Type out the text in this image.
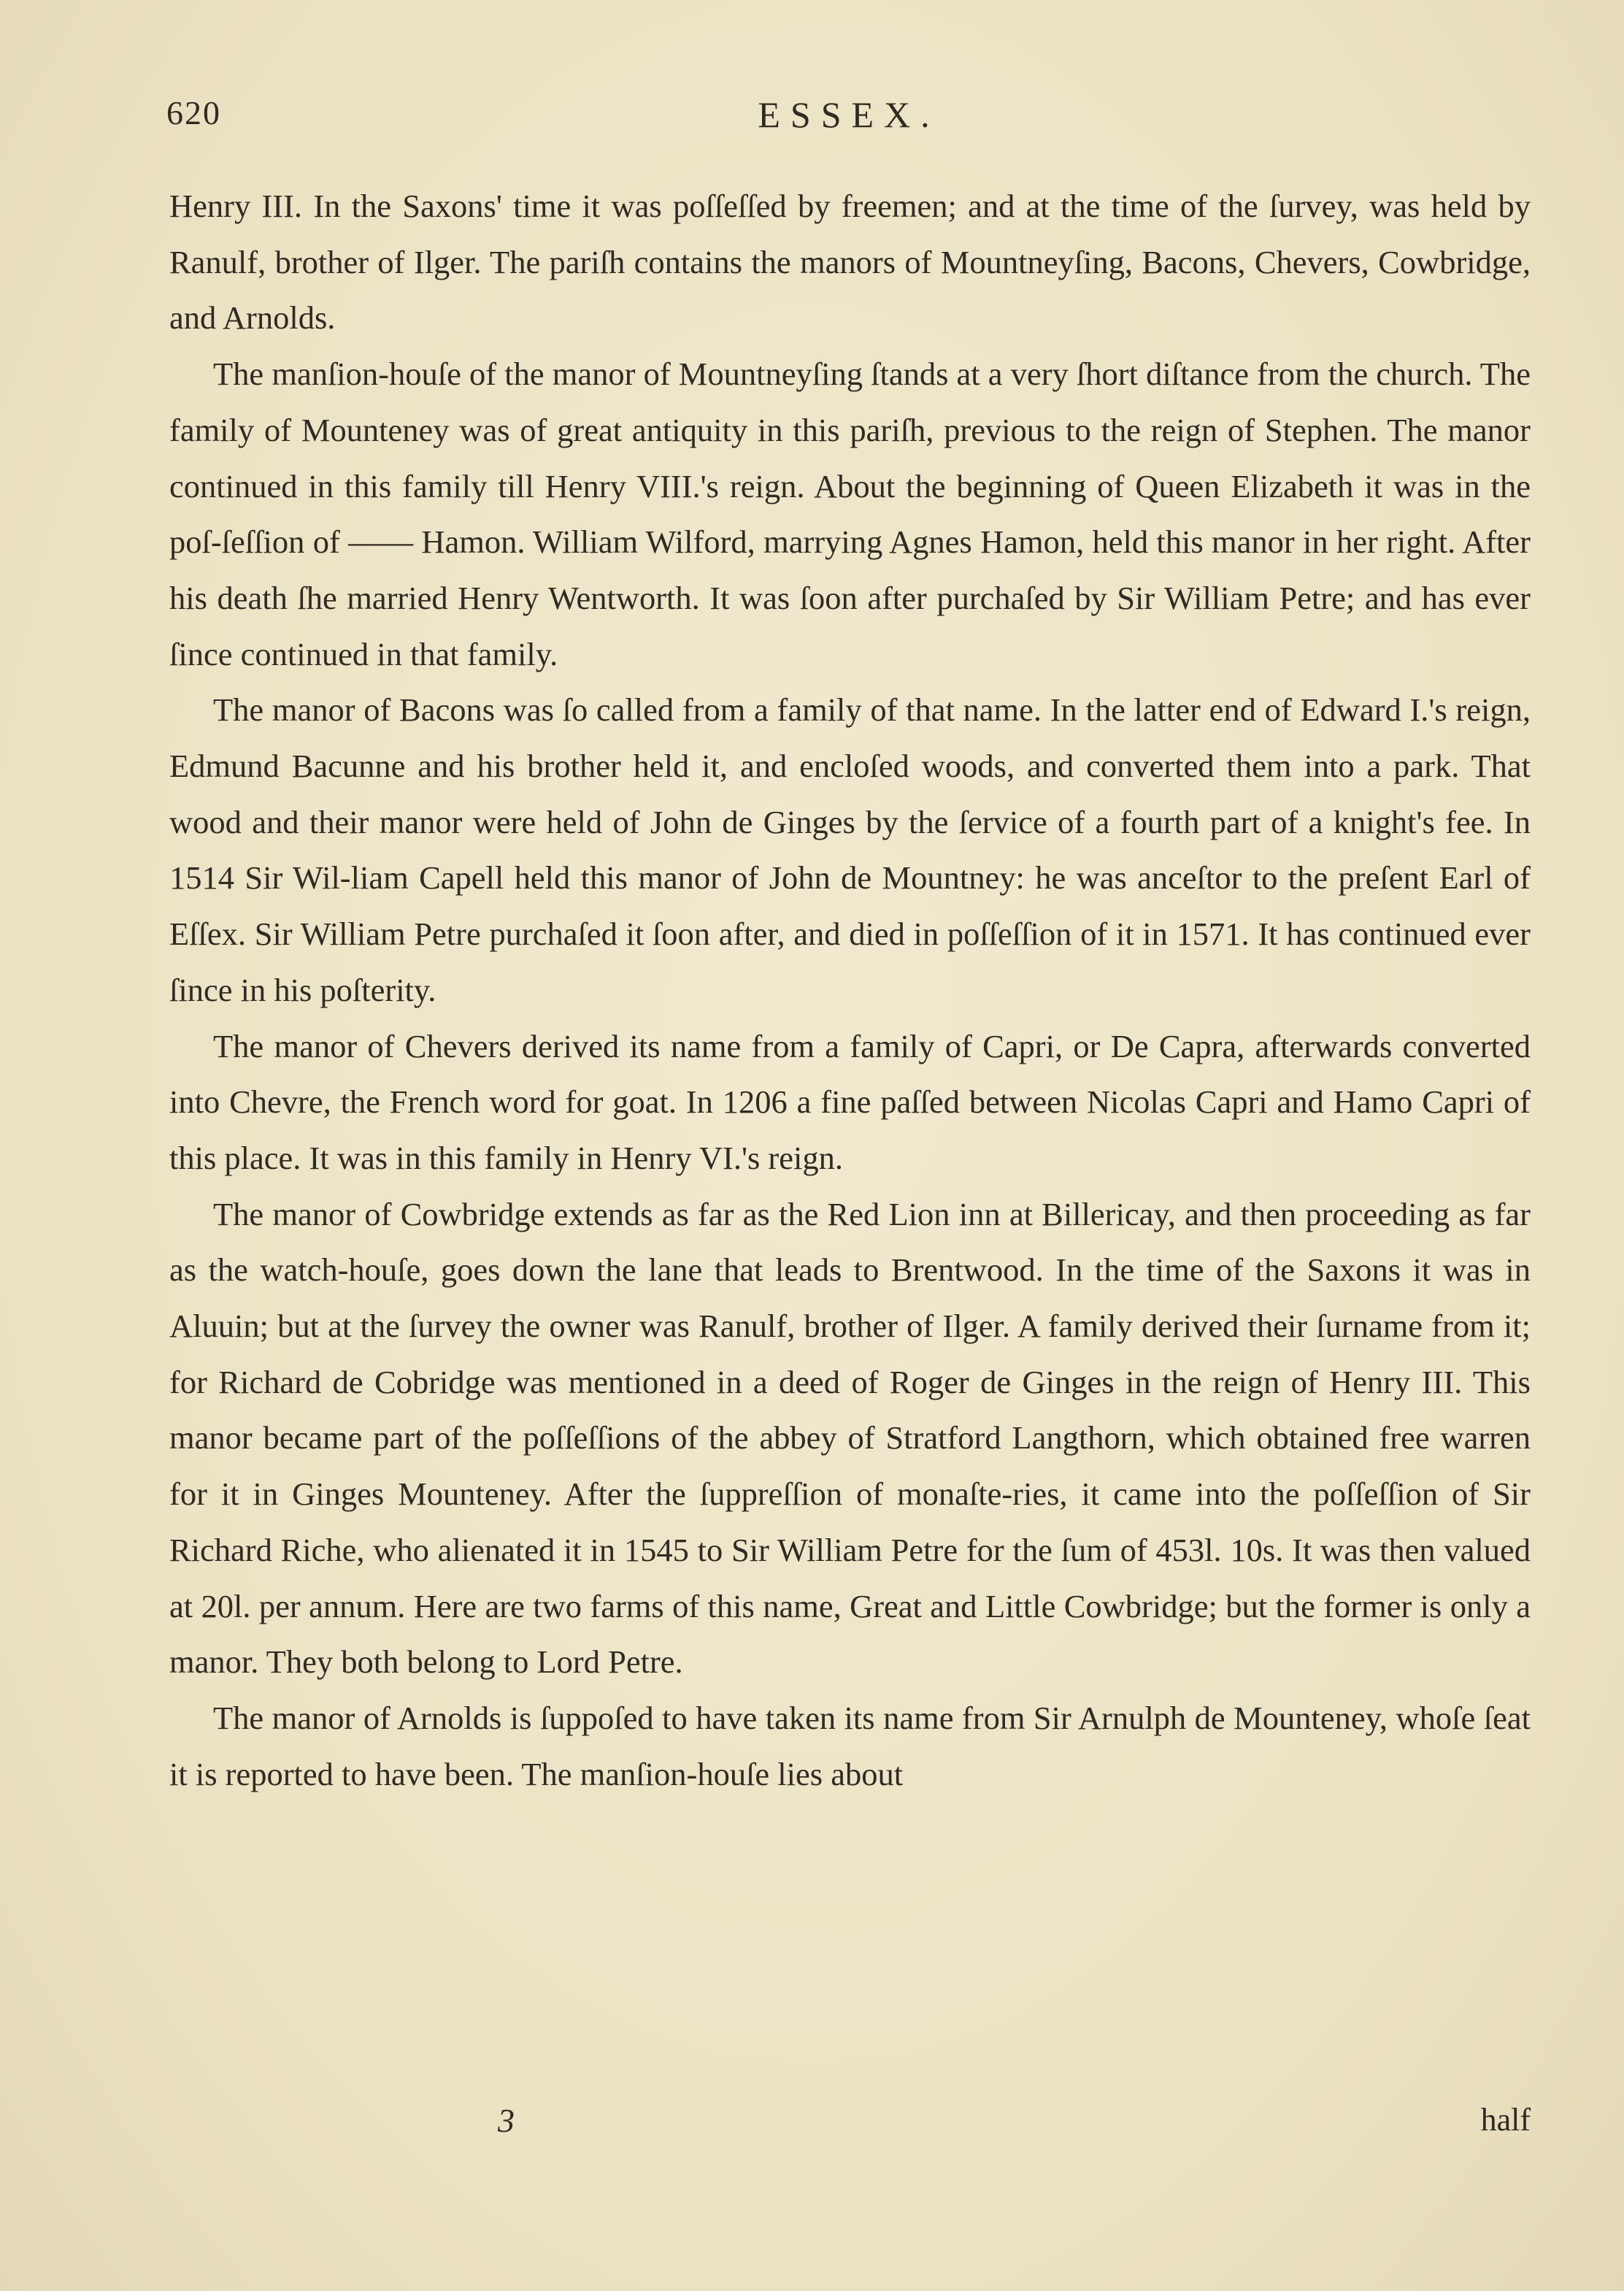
620	ESSEX.

Henry III. In the Saxons' time it was poſſeſſed by freemen; and at the time of the ſurvey, was held by Ranulf, brother of Ilger. The pariſh contains the manors of Mountneyſing, Bacons, Chevers, Cowbridge, and Arnolds.

The manſion-houſe of the manor of Mountneyſing ſtands at a very ſhort diſtance from the church. The family of Mounteney was of great antiquity in this pariſh, previous to the reign of Stephen. The manor continued in this family till Henry VIII.'s reign. About the beginning of Queen Elizabeth it was in the poſ-ſeſſion of —— Hamon. William Wilford, marrying Agnes Hamon, held this manor in her right. After his death ſhe married Henry Wentworth. It was ſoon after purchaſed by Sir William Petre; and has ever ſince continued in that family.

The manor of Bacons was ſo called from a family of that name. In the latter end of Edward I.'s reign, Edmund Bacunne and his brother held it, and encloſed woods, and converted them into a park. That wood and their manor were held of John de Ginges by the ſervice of a fourth part of a knight's fee. In 1514 Sir Wil-liam Capell held this manor of John de Mountney: he was anceſtor to the preſent Earl of Eſſex. Sir William Petre purchaſed it ſoon after, and died in poſſeſſion of it in 1571. It has continued ever ſince in his poſterity.

The manor of Chevers derived its name from a family of Capri, or De Capra, afterwards converted into Chevre, the French word for goat. In 1206 a fine paſſed between Nicolas Capri and Hamo Capri of this place. It was in this family in Henry VI.'s reign.

The manor of Cowbridge extends as far as the Red Lion inn at Billericay, and then proceeding as far as the watch-houſe, goes down the lane that leads to Brentwood. In the time of the Saxons it was in Aluuin; but at the ſurvey the owner was Ranulf, brother of Ilger. A family derived their ſurname from it; for Richard de Cobridge was mentioned in a deed of Roger de Ginges in the reign of Henry III. This manor became part of the poſſeſſions of the abbey of Stratford Langthorn, which obtained free warren for it in Ginges Mounteney. After the ſuppreſſion of monaſte-ries, it came into the poſſeſſion of Sir Richard Riche, who alienated it in 1545 to Sir William Petre for the ſum of 453l. 10s. It was then valued at 20l. per annum. Here are two farms of this name, Great and Little Cowbridge; but the former is only a manor. They both belong to Lord Petre.

The manor of Arnolds is ſuppoſed to have taken its name from Sir Arnulph de Mounteney, whoſe ſeat it is reported to have been. The manſion-houſe lies about

3	half
